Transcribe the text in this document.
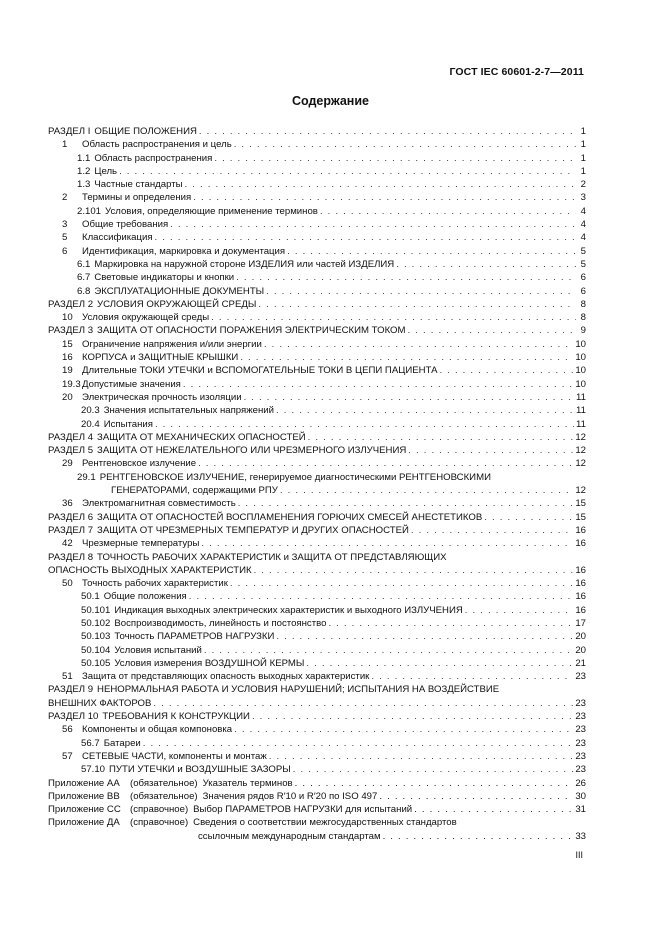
ГОСТ IEC 60601-2-7—2011
Содержание
РАЗДЕЛ I ОБЩИЕ ПОЛОЖЕНИЯ . . .	1
1	Область распространения и цель . . .	1
1.1 Область распространения . . .	1
1.2 Цель . . .	1
1.3 Частные стандарты . . .	2
2	Термины и определения . . .	3
2.101 Условия, определяющие применение терминов . . .	4
3	Общие требования . . .	4
5	Классификация . . .	4
6	Идентификация, маркировка и документация . . .	5
6.1 Маркировка на наружной стороне ИЗДЕЛИЯ или частей ИЗДЕЛИЯ . . .	5
6.7 Световые индикаторы и кнопки . . .	6
6.8 ЭКСПЛУАТАЦИОННЫЕ ДОКУМЕНТЫ . . .	6
РАЗДЕЛ 2 УСЛОВИЯ ОКРУЖАЮЩЕЙ СРЕДЫ . . .	8
10 Условия окружающей среды . . .	8
РАЗДЕЛ 3 ЗАЩИТА ОТ ОПАСНОСТИ ПОРАЖЕНИЯ ЭЛЕКТРИЧЕСКИМ ТОКОМ . . .	9
15 Ограничение напряжения и/или энергии . . .	10
16 КОРПУСА и ЗАЩИТНЫЕ КРЫШКИ . . .	10
19 Длительные ТОКИ УТЕЧКИ и ВСПОМОГАТЕЛЬНЫЕ ТОКИ В ЦЕПИ ПАЦИЕНТА . . .	10
19.3 Допустимые значения . . .	10
20 Электрическая прочность изоляции . . .	11
20.3 Значения испытательных напряжений . . .	11
20.4 Испытания . . .	11
РАЗДЕЛ 4 ЗАЩИТА ОТ МЕХАНИЧЕСКИХ ОПАСНОСТЕЙ . . .	12
РАЗДЕЛ 5 ЗАЩИТА ОТ НЕЖЕЛАТЕЛЬНОГО ИЛИ ЧРЕЗМЕРНОГО ИЗЛУЧЕНИЯ . . .	12
29 Рентгеновское излучение . . .	12
29.1 РЕНТГЕНОВСКОЕ ИЗЛУЧЕНИЕ, генерируемое диагностическими РЕНТГЕНОВСКИМИ
ГЕНЕРАТОРАМИ, содержащими РПУ . . .	12
36 Электромагнитная совместимость . . .	15
РАЗДЕЛ 6 ЗАЩИТА ОТ ОПАСНОСТЕЙ ВОСПЛАМЕНЕНИЯ ГОРЮЧИХ СМЕСЕЙ АНЕСТЕТИКОВ . . .	15
РАЗДЕЛ 7 ЗАЩИТА ОТ ЧРЕЗМЕРНЫХ ТЕМПЕРАТУР И ДРУГИХ ОПАСНОСТЕЙ . . .	16
42 Чрезмерные температуры . . .	16
РАЗДЕЛ 8 ТОЧНОСТЬ РАБОЧИХ ХАРАКТЕРИСТИК и ЗАЩИТА ОТ ПРЕДСТАВЛЯЮЩИХ
ОПАСНОСТЬ ВЫХОДНЫХ ХАРАКТЕРИСТИК . . .	16
50 Точность рабочих характеристик . . .	16
50.1 Общие положения . . .	16
50.101 Индикация выходных электрических характеристик и выходного ИЗЛУЧЕНИЯ . . .	16
50.102 Воспроизводимость, линейность и постоянство . . .	17
50.103 Точность ПАРАМЕТРОВ НАГРУЗКИ . . .	20
50.104 Условия испытаний . . .	20
50.105 Условия измерения ВОЗДУШНОЙ КЕРМЫ . . .	21
51 Защита от представляющих опасность выходных характеристик . . .	23
РАЗДЕЛ 9 НЕНОРМАЛЬНАЯ РАБОТА И УСЛОВИЯ НАРУШЕНИЙ; ИСПЫТАНИЯ НА ВОЗДЕЙСТВИЕ
ВНЕШНИХ ФАКТОРОВ . . .	23
РАЗДЕЛ 10 ТРЕБОВАНИЯ К КОНСТРУКЦИИ . . .	23
56 Компоненты и общая компоновка . . .	23
56.7 Батареи . . .	23
57 СЕТЕВЫЕ ЧАСТИ, компоненты и монтаж . . .	23
57.10 ПУТИ УТЕЧКИ и ВОЗДУШНЫЕ ЗАЗОРЫ . . .	23
Приложение АА	(обязательное) Указатель терминов . . .	26
Приложение ВВ	(обязательное) Значения рядов R′10 и R′20 по ISO 497 . . .	30
Приложение СС (справочное) Выбор ПАРАМЕТРОВ НАГРУЗКИ для испытаний . . .	31
Приложение ДА	(справочное) Сведения о соответствии межгосударственных стандартов
ссылочным международным стандартам . . .	33
III
